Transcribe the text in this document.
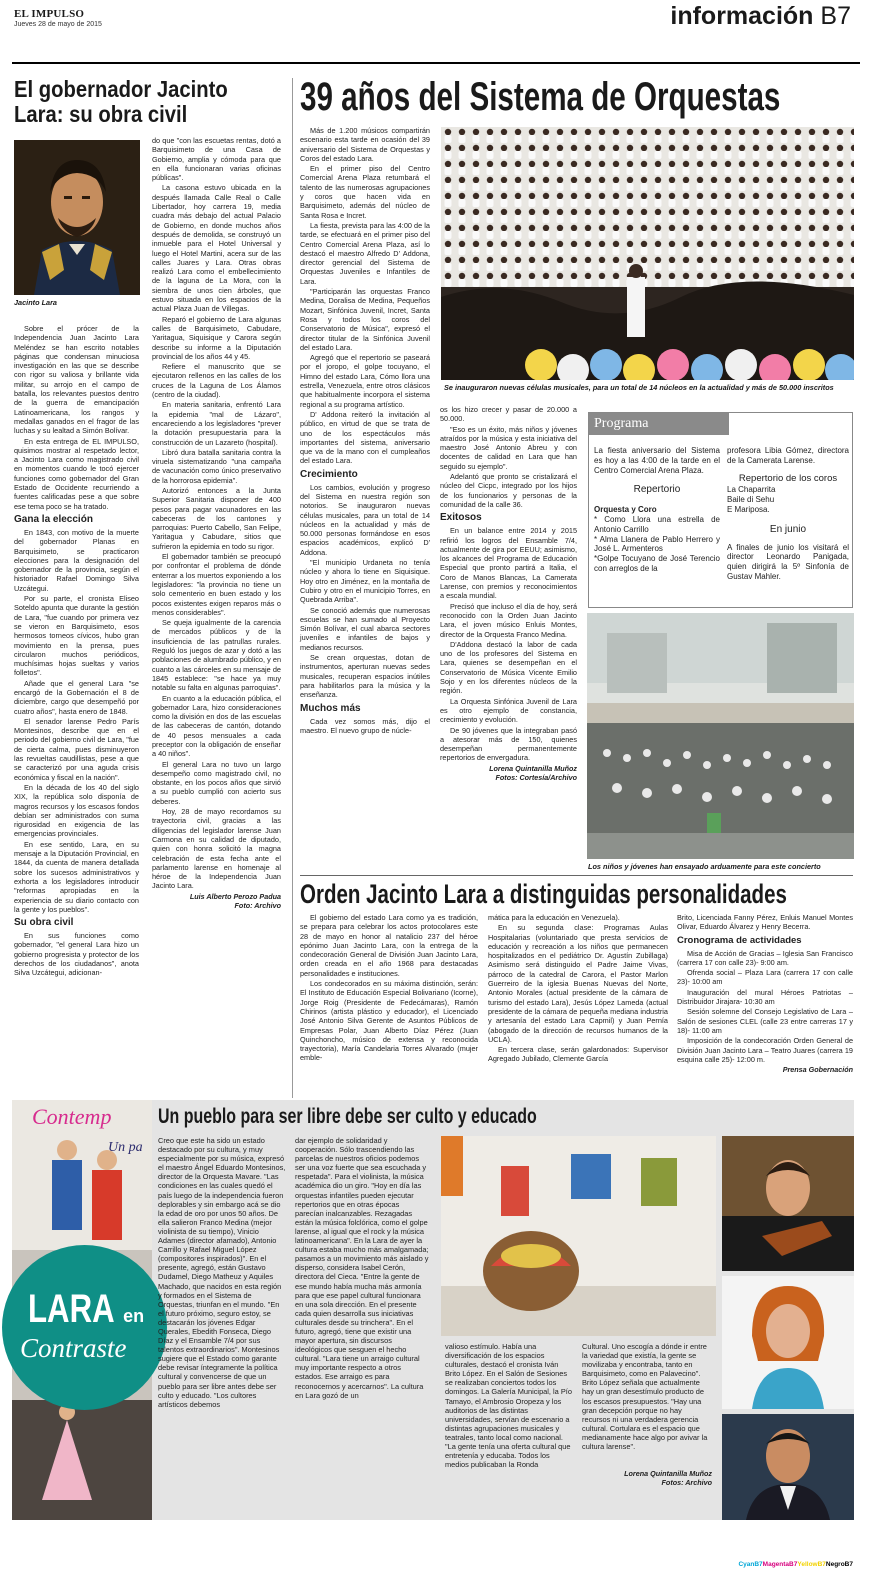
EL IMPULSO
Jueves 28 de mayo de 2015	información B7
El gobernador Jacinto Lara: su obra civil
Jacinto Lara

Sobre el prócer de la Independencia Juan Jacinto Lara Meléndez se han escrito notables páginas que condensan minuciosa investigación en las que se describe con rigor su valiosa y brillante vida militar, su arrojo en el campo de batalla, los relevantes puestos dentro de la guerra de emancipación Latinoamericana, los rangos y medallas ganados en el fragor de las luchas y su lealtad a Simón Bolívar.

En esta entrega de EL IMPULSO, quisimos mostrar al respetado lector, a Jacinto Lara como magistrado civil en momentos cuando le tocó ejercer funciones como gobernador del Gran Estado de Occidente recurriendo a fuentes calificadas pese a que sobre ese tema poco se ha tratado.

Gana la elección

En 1843, con motivo de la muerte del gobernador Planas en Barquisimeto, se practicaron elecciones para la designación del gobernador de la provincia, según el historiador Rafael Domingo Silva Uzcátegui.

Por su parte, el cronista Eliseo Soteldo apunta que durante la gestión de Lara, "fue cuando por primera vez se vieron en Barquisimeto, esos hermosos torneos cívicos, hubo gran movimiento en la prensa, pues circularon muchos periódicos, muchísimas hojas sueltas y varios folletos".

Añade que el general Lara "se encargó de la Gobernación el 8 de diciembre, cargo que desempeñó por cuatro años", hasta enero de 1848.

El senador larense Pedro París Montesinos, describe que en el periodo del gobierno civil de Lara, "fue de cierta calma, pues disminuyeron las revueltas caudillistas, pese a que se caracterizó por una aguda crisis económica y fiscal en la nación".

En la década de los 40 del siglo XIX, la república solo disponía de magros recursos y los escasos fondos debían ser administrados con suma rigurosidad en exigencia de las emergencias provinciales.

En ese sentido, Lara, en su mensaje a la Diputación Provincial, en 1844, da cuenta de manera detallada sobre los sucesos administrativos y exhorta a los legisladores introducir "reformas apropiadas en la experiencia de su diario contacto con la gente y los pueblos".

Su obra civil

En sus funciones como gobernador, "el general Lara hizo un gobierno progresista y protector de los derechos de los ciudadanos", anota Silva Uzcátegui, adicionan-

do que "con las escuetas rentas, dotó a Barquisimeto de una Casa de Gobierno, amplia y cómoda para que en ella funcionaran varias oficinas públicas".

La casona estuvo ubicada en la después llamada Calle Real o Calle Libertador, hoy carrera 19, media cuadra más debajo del actual Palacio de Gobierno, en donde muchos años después de demolida, se construyó un inmueble para el Hotel Universal y luego el Hotel Martini, acera sur de las calles Juares y Lara. Otras obras realizó Lara como el embellecimiento de la laguna de La Mora, con la siembra de unos cien árboles, que estuvo situada en los espacios de la actual Plaza Juan de Villegas.

Reparó el gobierno de Lara algunas calles de Barquisimeto, Cabudare, Yaritagua, Siquisique y Carora según describe su informe a la Diputación provincial de los años 44 y 45.

Refiere el manuscrito que se ejecutaron rellenos en las calles de los cruces de la Laguna de Los Álamos (centro de la ciudad).

En materia sanitaria, enfrentó Lara la epidemia "mal de Lázaro", encareciendo a los legisladores "prever la dotación presupuestaria para la construcción de un Lazareto (hospital).

Libró dura batalla sanitaria contra la viruela sistematizando "una campaña de vacunación como único preservativo de la horrorosa epidemia".

Autorizó entonces a la Junta Superior Sanitaria disponer de 400 pesos para pagar vacunadores en las cabeceras de los cantones y parroquias: Puerto Cabello, San Felipe, Yaritagua y Cabudare, sitios que sufrieron la epidemia en todo su rigor.

El gobernador también se preocupó por confrontar el problema de dónde enterrar a los muertos exponiendo a los legisladores: "la provincia no tiene un solo cementerio en buen estado y los pocos existentes exigen reparos más o menos considerables".

Se queja igualmente de la carencia de mercados públicos y de la insuficiencia de las patrullas rurales. Reguló los juegos de azar y dotó a las poblaciones de alumbrado público, y en cuanto a las cárceles en su mensaje de 1845 establece: "se hace ya muy notable su falta en algunas parroquias".

En cuanto a la educación pública, el gobernador Lara, hizo consideraciones como la división en dos de las escuelas de las cabeceras de cantón, dotando de 40 pesos mensuales a cada preceptor con la obligación de enseñar a 40 niños".

El general Lara no tuvo un largo desempeño como magistrado civil, no obstante, en los pocos años que sirvió a su pueblo cumplió con acierto sus deberes.

Hoy, 28 de mayo recordamos su trayectoria civil, gracias a las diligencias del legislador larense Juan Carmona en su calidad de diputado, quien con honra solicitó la magna celebración de esta fecha ante el parlamento larense en homenaje al héroe de la Independencia Juan Jacinto Lara.

Luis Alberto Perozo Padua
Foto: Archivo
39 años del Sistema de Orquestas

Más de 1.200 músicos compartirán escenario esta tarde en ocasión del 39 aniversario del Sistema de Orquestas y Coros del estado Lara.

En el primer piso del Centro Comercial Arena Plaza retumbará el talento de las numerosas agrupaciones y coros que hacen vida en Barquisimeto, además del núcleo de Santa Rosa e Incret.

La fiesta, prevista para las 4:00 de la tarde, se efectuará en el primer piso del Centro Comercial Arena Plaza, así lo destacó el maestro Alfredo D' Addona, director gerencial del Sistema de Orquestas Juveniles e Infantiles de Lara.

"Participarán las orquestas Franco Medina, Doralisa de Medina, Pequeños Mozart, Sinfónica Juvenil, Incret, Santa Rosa y todos los coros del Conservatorio de Música", expresó el director titular de la Sinfónica Juvenil del estado Lara.

Agregó que el repertorio se paseará por el joropo, el golpe tocuyano, el Himno del estado Lara, Cómo llora una estrella, Venezuela, entre otros clásicos que habitualmente incorpora el sistema regional a su programa artístico.

D' Addona reiteró la invitación al público, en virtud de que se trata de uno de los espectáculos más importantes del sistema, aniversario que va de la mano con el cumpleaños del estado Lara.

Crecimiento

Los cambios, evolución y progreso del Sistema en nuestra región son notorios. Se inauguraron nuevas células musicales, para un total de 14 núcleos en la actualidad y más de 50.000 personas formándose en esos espacios académicos, explicó D' Addona.

"El municipio Urdaneta no tenía núcleo y ahora lo tiene en Siquisique. Hoy otro en Jiménez, en la montaña de Cubiro y otro en el municipio Torres, en Quebrada Arriba".

Se conoció además que numerosas escuelas se han sumado al Proyecto Simón Bolívar, el cual abarca sectores juveniles e infantiles de bajos y medianos recursos.

Se crean orquestas, dotan de instrumentos, aperturan nuevas sedes musicales, recuperan espacios inútiles para habilitarlos para la música y la enseñanza.

Muchos más

Cada vez somos más, dijo el maestro. El nuevo grupo de núcle-

Se inauguraron nuevas células musicales, para un total de 14 núcleos en la actualidad y más de 50.000 inscritos

os los hizo crecer y pasar de 20.000 a 50.000.

"Eso es un éxito, más niños y jóvenes atraídos por la música y esta iniciativa del maestro José Antonio Abreu y con docentes de calidad en Lara que han seguido su ejemplo".

Adelantó que pronto se cristalizará el núcleo del Cicpc, integrado por los hijos de los funcionarios y personas de la comunidad de la calle 36.

Exitosos

En un balance entre 2014 y 2015 refirió los logros del Ensamble 7/4, actualmente de gira por EEUU; asimismo, los alcances del Programa de Educación Especial que pronto partirá a Italia, el Coro de Manos Blancas, La Camerata Larense, con premios y reconocimientos a escala mundial.

Precisó que incluso el día de hoy, será reconocido con la Orden Juan Jacinto Lara, el joven músico Enluis Montes, director de la Orquesta Franco Medina.

D'Addona destacó la labor de cada uno de los profesores del Sistema en Lara, quienes se desempeñan en el Conservatorio de Música Vicente Emilio Sojo y en los diferentes núcleos de la región.

La Orquesta Sinfónica Juvenil de Lara es otro ejemplo de constancia, crecimiento y evolución.

De 90 jóvenes que la integraban pasó a atesorar más de 150, quienes desempeñan permanentemente repertorios de envergadura.

Lorena Quintanilla Muñoz
Fotos: Cortesía/Archivo
Programa
La fiesta aniversario del Sistema es hoy a las 4:00 de la tarde en el Centro Comercial Arena Plaza.
Repertorio
Orquesta y Coro
* Como Llora una estrella de Antonio Carrillo
* Alma Llanera de Pablo Herrero y José L. Armenteros
*Golpe Tocuyano de José Terencio con arreglos de la
profesora Libia Gómez, directora de la Camerata Larense.
Repertorio de los coros
La Chaparrita
Baile di Sehu
E Mariposa.
En junio
A finales de junio los visitará el director Leonardo Panigada, quien dirigirá la 5º Sinfonía de Gustav Mahler.
Los niños y jóvenes han ensayado arduamente para este concierto
Orden Jacinto Lara a distinguidas personalidades

El gobierno del estado Lara como ya es tradición, se prepara para celebrar los actos protocolares este 28 de mayo en honor al natalicio 237 del héroe epónimo Juan Jacinto Lara, con la entrega de la condecoración General de División Juan Jacinto Lara, orden creada en el año 1968 para destacadas personalidades e instituciones.

Los condecorados en su máxima distinción, serán: El Instituto de Educación Especial Bolivariano (Icorne), Jorge Roig (Presidente de Fedecámaras), Ramón Chirinos (artista plástico y educador), el Licenciado José Antonio Silva Gerente de Asuntos Públicos de Empresas Polar, Juan Alberto Díaz Pérez (Juan Quinchoncho, músico de extensa y reconocida trayectoria), María Candelaria Torres Alvarado (mujer emble-

mática para la educación en Venezuela).

En su segunda clase: Programas Aulas Hospitalarias (voluntariado que presta servicios de educación y recreación a los niños que permanecen hospitalizados en el pediátrico Dr. Agustín Zubillaga) Asimismo será distinguido el Padre Jaime Vivas, párroco de la catedral de Carora, el Pastor Marlon Guerreiro de la iglesia Buenas Nuevas del Norte, Antonio Morales (actual presidente de la cámara de turismo del estado Lara), Jesús López Lameda (actual presidente de la cámara de pequeña mediana industria y artesanía del estado Lara Capmil) y Juan Pernía (abogado de la dirección de recursos humanos de la UCLA).

En tercera clase, serán galardonados: Supervisor Agregado Jubilado, Clemente García

Brito, Licenciada Fanny Pérez, Enluis Manuel Montes Olivar, Eduardo Álvarez y Henry Becerra.

Cronograma de actividades

Misa de Acción de Gracias – Iglesia San Francisco (carrera 17 con calle 23)- 9:00 am.

Ofrenda social – Plaza Lara (carrera 17 con calle 23)- 10:00 am

Inauguración del mural Héroes Patriotas – Distribuidor Jirajara- 10:30 am

Sesión solemne del Consejo Legislativo de Lara – Salón de sesiones CLEL (calle 23 entre carreras 17 y 18)- 11:00 am

Imposición de la condecoración Orden General de División Juan Jacinto Lara – Teatro Juares (carrera 19 esquina calle 25)- 12:00 m.

Prensa Gobernación
Un pueblo para ser libre debe ser culto y educado
Contemp
Un pa
LARA en
Contraste
Creo que este ha sido un estado destacado por su cultura, y muy especialmente por su música, expresó el maestro Ángel Eduardo Montesinos, director de la Orquesta Mavare. "Las condiciones en las cuales quedó el país luego de la independencia fueron deplorables y sin embargo acá se dio la edad de oro por unos 50 años. De ella salieron Franco Medina (mejor violinista de su tiempo), Vinicio Adames (director afamado), Antonio Carrillo y Rafael Miguel López (compositores inspirados)". En el presente, agregó, están Gustavo Dudamel, Diego Matheuz y Aquiles Machado, que nacidos en esta región y formados en el Sistema de Orquestas, triunfan en el mundo. "En el futuro próximo, seguro estoy, se destacarán los jóvenes Edgar Querales, Ebedith Fonseca, Diego Díaz y el Ensamble 7/4 por sus talentos extraordinarios". Montesinos sugiere que el Estado como garante debe revisar íntegramente la política cultural y convencerse de que un pueblo para ser libre antes debe ser culto y educado. "Los cultores artísticos debemos
dar ejemplo de solidaridad y cooperación. Sólo trascendiendo las parcelas de nuestros oficios podemos ser una voz fuerte que sea escuchada y respetada". Para el violinista, la música académica dio un giro. "Hoy en día las orquestas infantiles pueden ejecutar repertorios que en otras épocas parecían inalcanzables. Rezagadas están la música folclórica, como el golpe larense, al igual que el rock y la música latinoamericana". En la Lara de ayer la cultura estaba mucho más amalgamada; pasamos a un movimiento más aislado y disperso, considera Isabel Cerón, directora del Cieca. "Entre la gente de ese mundo había mucha más armonía para que ese papel cultural funcionara en una sola dirección. En el presente cada quien desarrolla sus iniciativas culturales desde su trinchera". En el futuro, agregó, tiene que existir una mayor apertura, sin discursos ideológicos que sesguen el hecho cultural. "Lara tiene un arraigo cultural muy importante respecto a otros estados. Ese arraigo es para reconocernos y acercarnos". La cultura en Lara gozó de un
valioso estímulo. Había una diversificación de los espacios culturales, destacó el cronista Iván Brito López. En el Salón de Sesiones se realizaban conciertos todos los domingos. La Galería Municipal, la Pío Tamayo, el Ambrosio Oropeza y los auditorios de las distintas universidades, servían de escenario a distintas agrupaciones musicales y teatrales, tanto local como nacional. "La gente tenía una oferta cultural que entretenía y educaba. Todos los medios publicaban la Ronda
Cultural. Uno escogía a dónde ir entre la variedad que existía, la gente se movilizaba y encontraba, tanto en Barquisimeto, como en Palavecino". Brito López señala que actualmente hay un gran desestímulo producto de los escasos presupuestos. "Hay una gran decepción porque no hay recursos ni una verdadera gerencia cultural. Cortulara es el espacio que medianamente hace algo por avivar la cultura larense".
Lorena Quintanilla Muñoz
Fotos: Archivo
CyanB7MagentaB7YellowB7NegroB7
